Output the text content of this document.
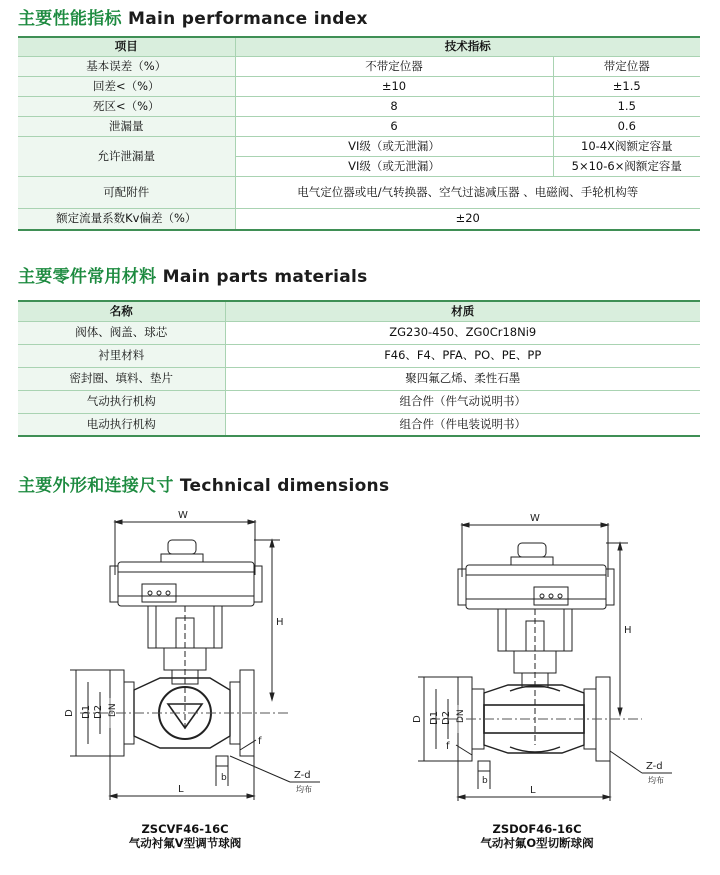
主要性能指标 Main performance index
项目	技术指标	
基本误差（%）	不带定位器	带定位器
回差<（%）	±10	±1.5
死区<（%）	8	1.5
泄漏量	6	0.6
允许泄漏量	VI级（或无泄漏）	10-4X阀额定容量
	VI级（或无泄漏）	5×10-6×阀额定容量
可配附件	电气定位器或电/气转换器、空气过滤减压器 、电磁阀、手轮机构等	
额定流量系数Kv偏差（%）	±20	
主要零件常用材料 Main parts materials
名称	材质
阀体、阀盖、球芯	ZG230-450、ZG0Cr18Ni9
衬里材料	F46、F4、PFA、PO、PE、PP
密封圈、填料、垫片	聚四氟乙烯、柔性石墨
气动执行机构	组合件（件气动说明书）
电动执行机构	组合件（件电装说明书）
主要外形和连接尺寸 Technical dimensions
W
H
D D1 D2 DN
f
b	Z-d
均布
L
ZSCVF46-16C
气动衬氟V型调节球阀
W
H
D D1 D2 DN
f
b
Z-d
均布
L
ZSDOF46-16C
气动衬氟O型切断球阀
